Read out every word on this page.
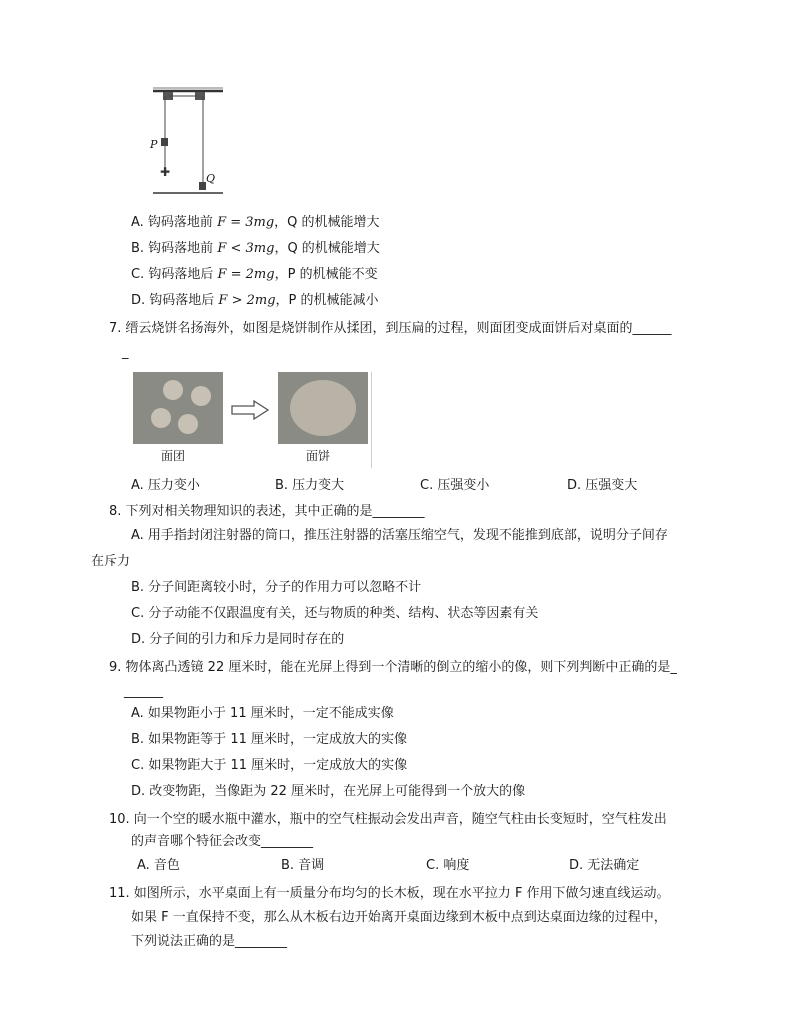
✚
P
Q
A. 钩码落地前 F = 3mg，Q 的机械能增大
B. 钩码落地前 F < 3mg，Q 的机械能增大
C. 钩码落地后 F = 2mg，P 的机械能不变
D. 钩码落地后 F > 2mg，P 的机械能减小
7. 缙云烧饼名扬海外，如图是烧饼制作从揉团，到压扁的过程，则面团变成面饼后对桌面的______
_
面团	面饼
A. 压力变小	B. 压力变大	C. 压强变小	D. 压强变大
8. 下列对相关物理知识的表述，其中正确的是________
A. 用手指封闭注射器的筒口，推压注射器的活塞压缩空气，发现不能推到底部，说明分子间存
在斥力
B. 分子间距离较小时，分子的作用力可以忽略不计
C. 分子动能不仅跟温度有关，还与物质的种类、结构、状态等因素有关
D. 分子间的引力和斥力是同时存在的
9. 物体离凸透镜 22 厘米时，能在光屏上得到一个清晰的倒立的缩小的像，则下列判断中正确的是_
______
A. 如果物距小于 11 厘米时，一定不能成实像
B. 如果物距等于 11 厘米时，一定成放大的实像
C. 如果物距大于 11 厘米时，一定成放大的实像
D. 改变物距，当像距为 22 厘米时，在光屏上可能得到一个放大的像
10. 向一个空的暖水瓶中灌水，瓶中的空气柱振动会发出声音，随空气柱由长变短时，空气柱发出
的声音哪个特征会改变________
A. 音色	B. 音调	C. 响度	D. 无法确定
11. 如图所示，水平桌面上有一质量分布均匀的长木板，现在水平拉力 F 作用下做匀速直线运动。
如果 F 一直保持不变，那么从木板右边开始离开桌面边缘到木板中点到达桌面边缘的过程中，
下列说法正确的是________
